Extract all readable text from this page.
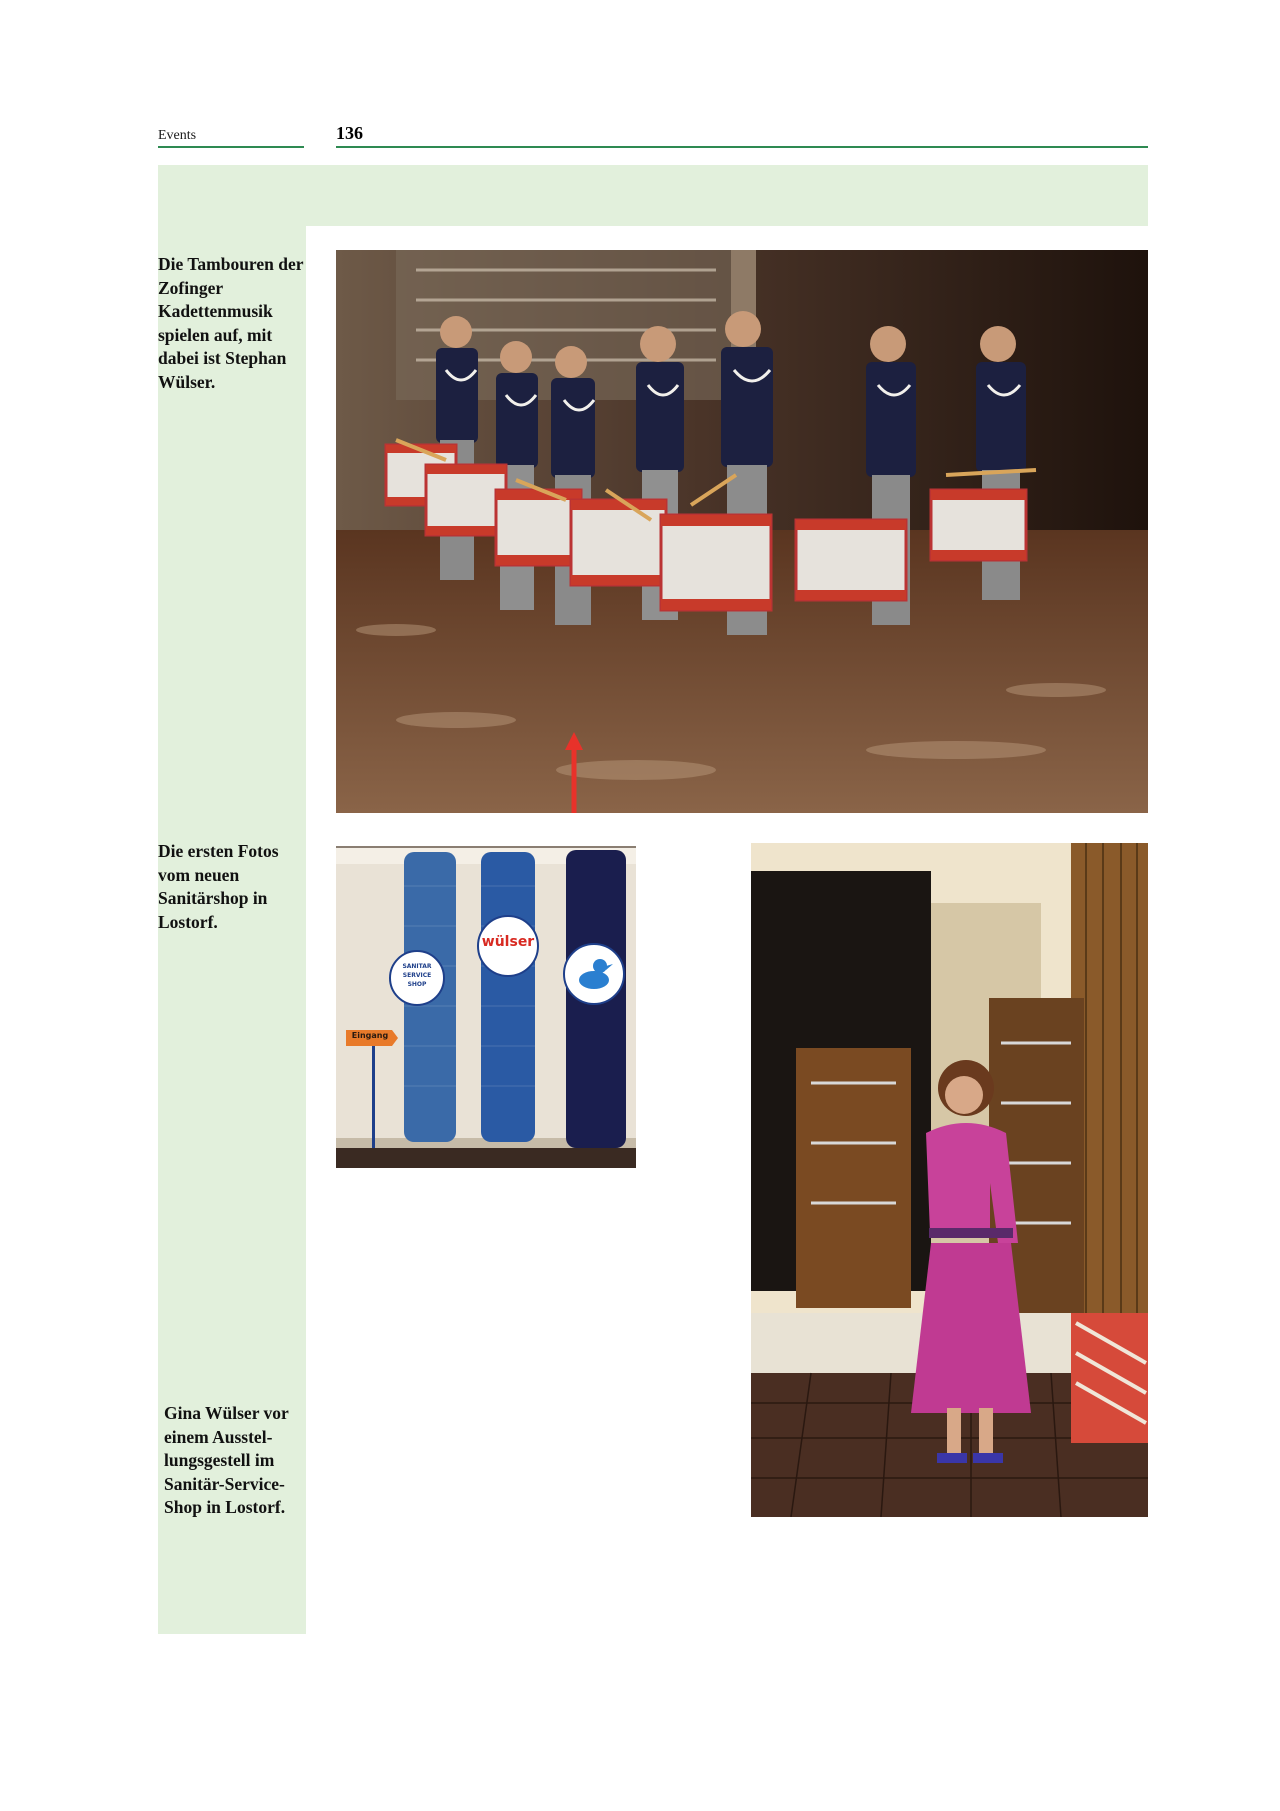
Events	136
Die Tambouren der Zofinger Kadettenmusik spielen auf, mit dabei ist Stephan Wülser.
Die ersten Fotos vom neuen Sanitärshop in Lostorf.
Gina Wülser vor einem Ausstel-lungsgestell im Sanitär-Service-Shop in Lostorf.
SANITAR
SERVICE
SHOP
wülser
Eingang
